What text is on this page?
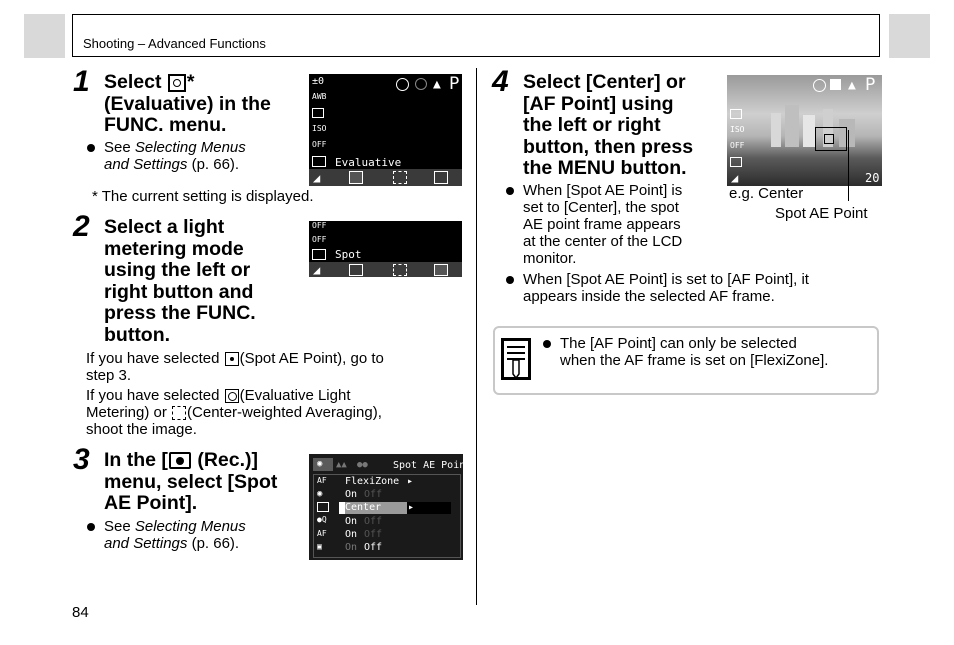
Shooting – Advanced Functions
1 Select
*
(Evaluative) in the
FUNC. menu.
See Selecting Menus
and Settings (p. 66).
* The current setting is displayed.
±0
AWB
ISO
OFF
Evaluative
▲ P
◢
2 Select a light
metering mode
using the left or
right button and
press the FUNC.
button.
OFF
OFF
Spot
◢
If you have selected
(Spot AE Point), go to
step 3.
If you have selected
(Evaluative Light
Metering) or (Center-weighted Averaging),
shoot the image.
3 In the [
(Rec.)]
menu, select [Spot
AE Point].
See Selecting Menus
and Settings (p. 66).
◉ ▲▲ ●●	Spot AE Point
AF FlexiZone ▸
◉ On Off
Center
◂	▸
●Q On Off
AF On Off
▣ On Off
4 Select [Center] or
[AF Point] using
the left or right
button, then press
the MENU button.
When [Spot AE Point] is
set to [Center], the spot
AE point frame appears
at the center of the LCD
monitor.
When [Spot AE Point] is set to [AF Point], it
appears inside the selected AF frame.
ISO
OFF
◢
▲ P
20
e.g. Center
Spot AE Point
The [AF Point] can only be selected
when the AF frame is set on [FlexiZone].
84
